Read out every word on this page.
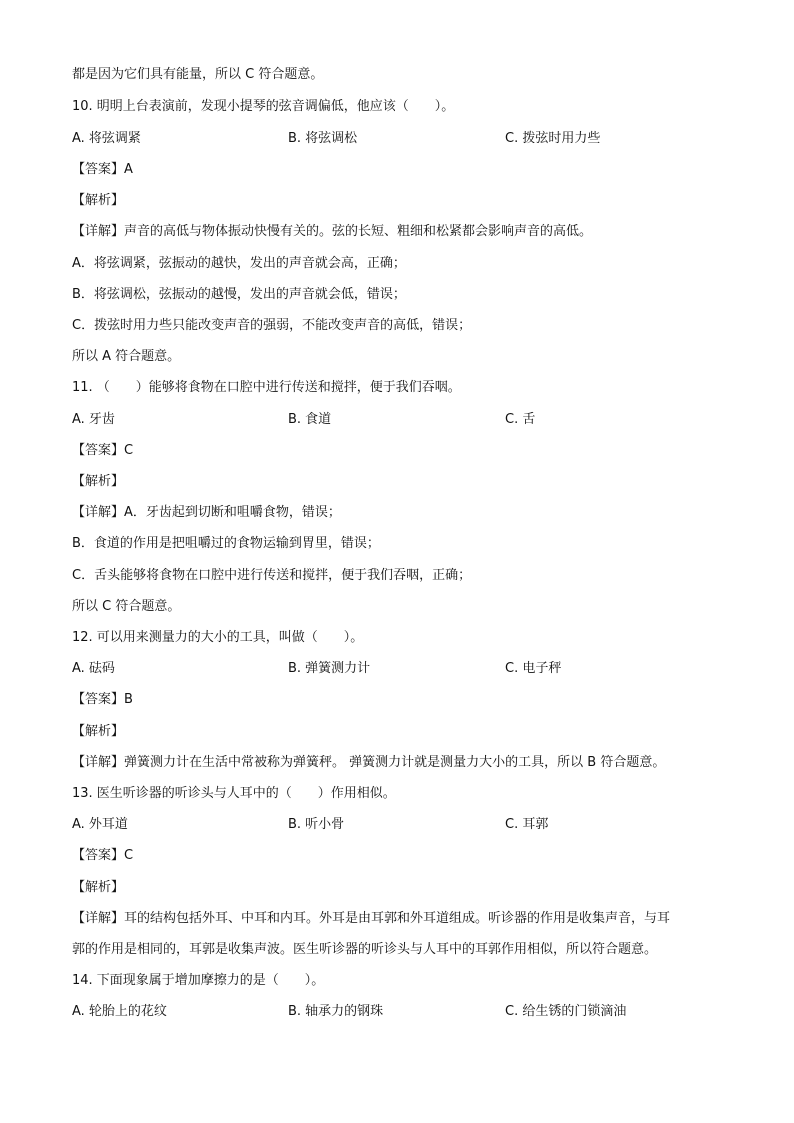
都是因为它们具有能量，所以 C 符合题意。
10. 明明上台表演前，发现小提琴的弦音调偏低，他应该（　　）。
A. 将弦调紧	B. 将弦调松	C. 拨弦时用力些
【答案】A
【解析】
【详解】声音的高低与物体振动快慢有关的。弦的长短、粗细和松紧都会影响声音的高低。
A．将弦调紧，弦振动的越快，发出的声音就会高，正确；
B．将弦调松，弦振动的越慢，发出的声音就会低，错误；
C．拨弦时用力些只能改变声音的强弱，不能改变声音的高低，错误；
所以 A 符合题意。
11. （　　）能够将食物在口腔中进行传送和搅拌，便于我们吞咽。
A. 牙齿	B. 食道	C. 舌
【答案】C
【解析】
【详解】A．牙齿起到切断和咀嚼食物，错误；
B．食道的作用是把咀嚼过的食物运输到胃里，错误；
C．舌头能够将食物在口腔中进行传送和搅拌，便于我们吞咽，正确；
所以 C 符合题意。
12. 可以用来测量力的大小的工具，叫做（　　）。
A. 砝码	B. 弹簧测力计	C. 电子秤
【答案】B
【解析】
【详解】弹簧测力计在生活中常被称为弹簧秤。 弹簧测力计就是测量力大小的工具，所以 B 符合题意。
13. 医生听诊器的听诊头与人耳中的（　　）作用相似。
A. 外耳道	B. 听小骨	C. 耳郭
【答案】C
【解析】
【详解】耳的结构包括外耳、中耳和内耳。外耳是由耳郭和外耳道组成。听诊器的作用是收集声音，与耳
郭的作用是相同的，耳郭是收集声波。医生听诊器的听诊头与人耳中的耳郭作用相似，所以符合题意。
14. 下面现象属于增加摩擦力的是（　　）。
A. 轮胎上的花纹	B. 轴承力的钢珠	C. 给生锈的门锁滴油
